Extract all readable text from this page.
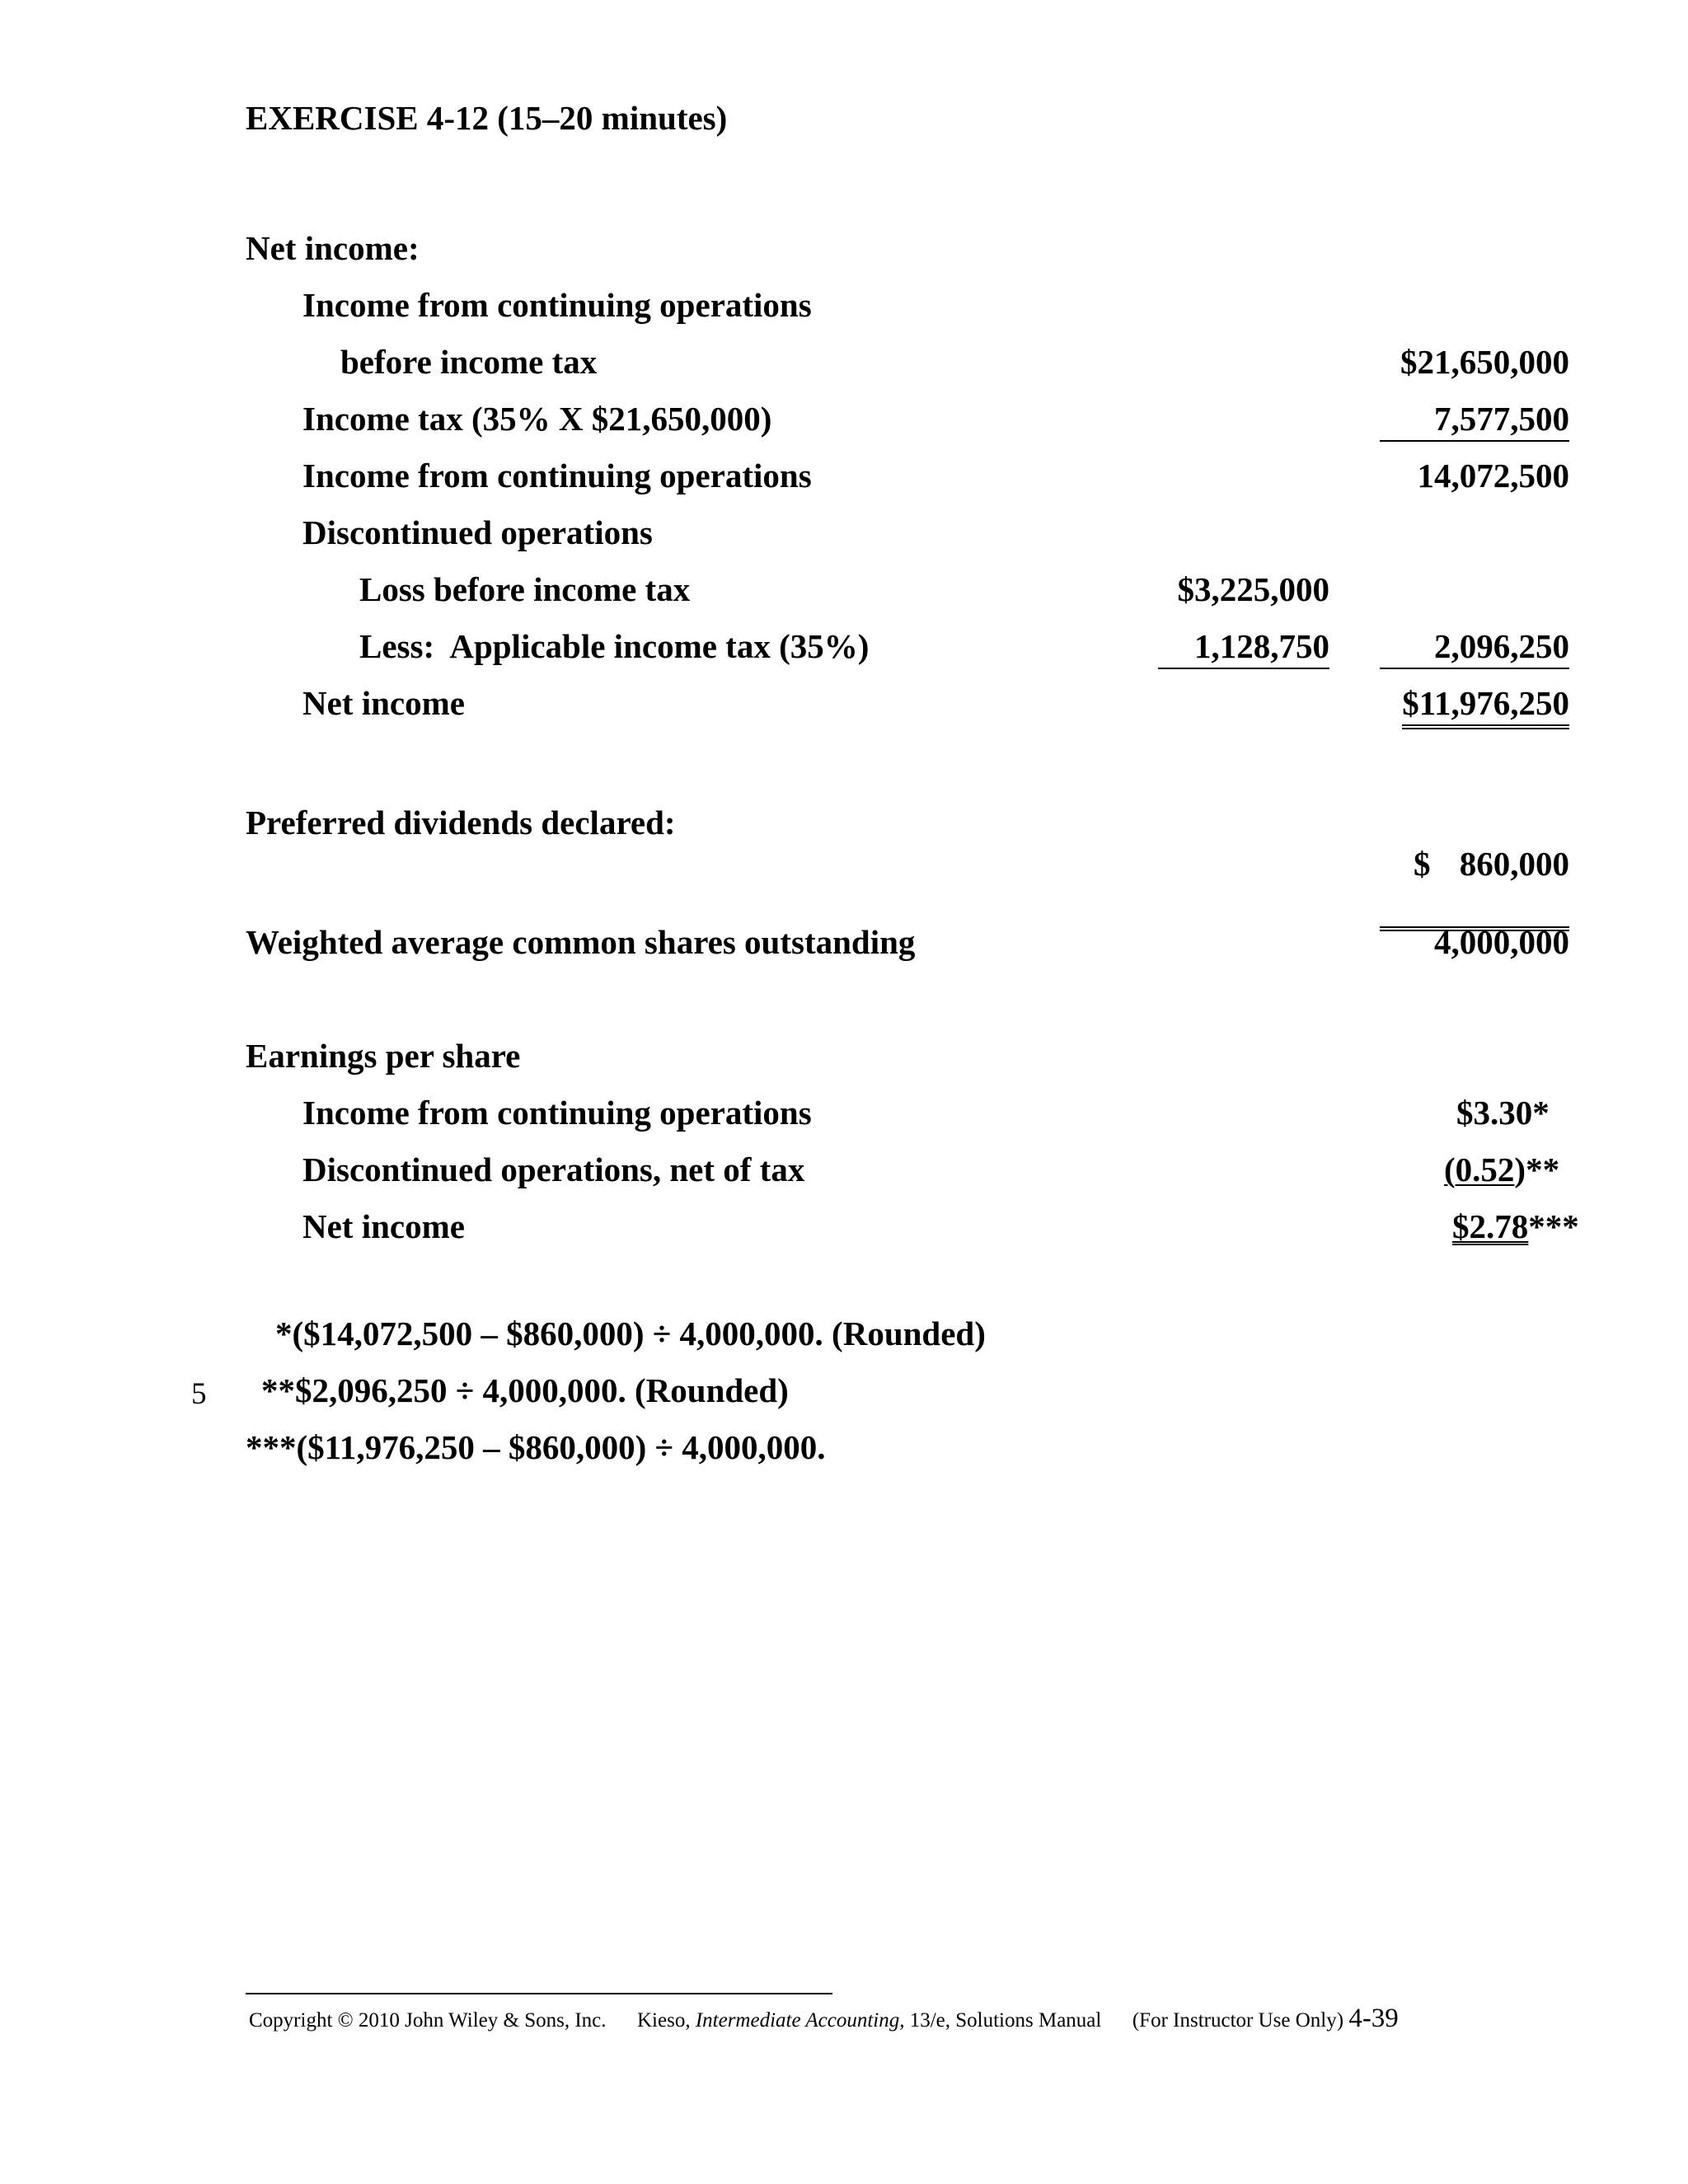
EXERCISE 4-12 (15–20 minutes)
Net income:
Income from continuing operations
before income tax	$21,650,000
Income tax (35% X $21,650,000)	7,577,500
Income from continuing operations	14,072,500
Discontinued operations
Loss before income tax	$3,225,000
Less:  Applicable income tax (35%)	1,128,750	2,096,250
Net income	$11,976,250
Preferred dividends declared:

$ 860,000

Weighted average common shares outstanding	4,000,000
Earnings per share
Income from continuing operations	$3.30*
Discontinued operations, net of tax	(0.52)**
Net income	$2.78***
*($14,072,500 – $860,000) ÷ 4,000,000. (Rounded)
5 **$2,096,250 ÷ 4,000,000. (Rounded)
***($11,976,250 – $860,000) ÷ 4,000,000.
Copyright © 2010 John Wiley & Sons, Inc. Kieso, Intermediate Accounting, 13/e, Solutions Manual (For Instructor Use Only) 4-39
